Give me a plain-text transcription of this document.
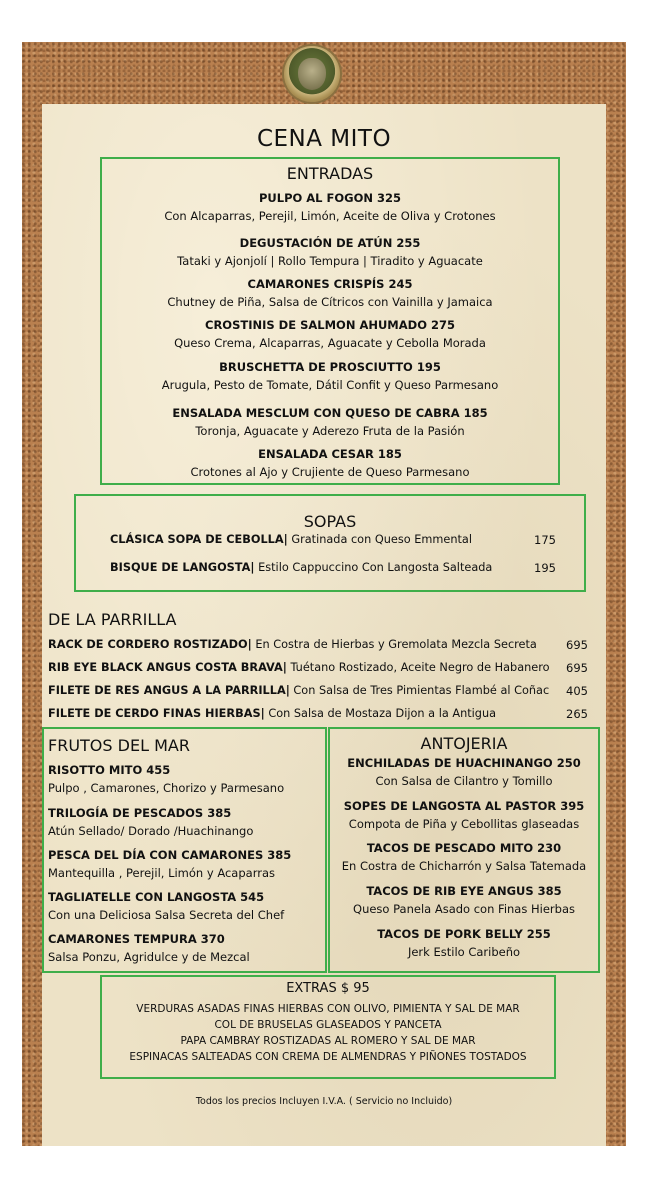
CENA MITO
ENTRADAS
PULPO AL FOGON 325
Con Alcaparras, Perejil, Limón, Aceite de Oliva y Crotones
DEGUSTACIÓN DE ATÚN 255
Tataki y Ajonjolí | Rollo Tempura | Tiradito y Aguacate
CAMARONES CRISPÍS 245
Chutney de Piña, Salsa de Cítricos con Vainilla y Jamaica
CROSTINIS DE SALMON AHUMADO 275
Queso Crema, Alcaparras, Aguacate y Cebolla Morada
BRUSCHETTA DE PROSCIUTTO 195
Arugula, Pesto de Tomate, Dátil Confit y Queso Parmesano
ENSALADA MESCLUM CON QUESO DE CABRA 185
Toronja, Aguacate y Aderezo Fruta de la Pasión
ENSALADA CESAR 185
Crotones al Ajo y Crujiente de Queso Parmesano
SOPAS
CLÁSICA SOPA DE CEBOLLA| Gratinada con Queso Emmental	175
BISQUE DE LANGOSTA| Estilo Cappuccino Con Langosta Salteada	195
DE LA PARRILLA
RACK DE CORDERO ROSTIZADO| En Costra de Hierbas y Gremolata Mezcla Secreta	695
RIB EYE BLACK ANGUS COSTA BRAVA| Tuétano Rostizado, Aceite Negro de Habanero 695
FILETE DE RES ANGUS A LA PARRILLA| Con Salsa de Tres Pimientas Flambé al Coñac 405
FILETE DE CERDO FINAS HIERBAS| Con Salsa de Mostaza Dijon a la Antigua	265
FRUTOS DEL MAR
RISOTTO MITO 455
Pulpo , Camarones, Chorizo y Parmesano
TRILOGÍA DE PESCADOS 385
Atún Sellado/ Dorado /Huachinango
PESCA DEL DÍA CON CAMARONES 385
Mantequilla , Perejil, Limón y Acaparras
TAGLIATELLE CON LANGOSTA 545
Con una Deliciosa Salsa Secreta del Chef
CAMARONES TEMPURA 370
Salsa Ponzu, Agridulce y de Mezcal
ANTOJERIA
ENCHILADAS DE HUACHINANGO 250
Con Salsa de Cilantro y Tomillo
SOPES DE LANGOSTA AL PASTOR 395
Compota de Piña y Cebollitas glaseadas
TACOS DE PESCADO MITO 230
En Costra de Chicharrón y Salsa Tatemada
TACOS DE RIB EYE ANGUS 385
Queso Panela Asado con Finas Hierbas
TACOS DE PORK BELLY 255
Jerk Estilo Caribeño
EXTRAS $ 95
VERDURAS ASADAS FINAS HIERBAS CON OLIVO, PIMIENTA Y SAL DE MAR
COL DE BRUSELAS GLASEADOS Y PANCETA
PAPA CAMBRAY ROSTIZADAS AL ROMERO Y SAL DE MAR
ESPINACAS SALTEADAS CON CREMA DE ALMENDRAS Y PIÑONES TOSTADOS
Todos los precios Incluyen I.V.A. ( Servicio no Incluido)
